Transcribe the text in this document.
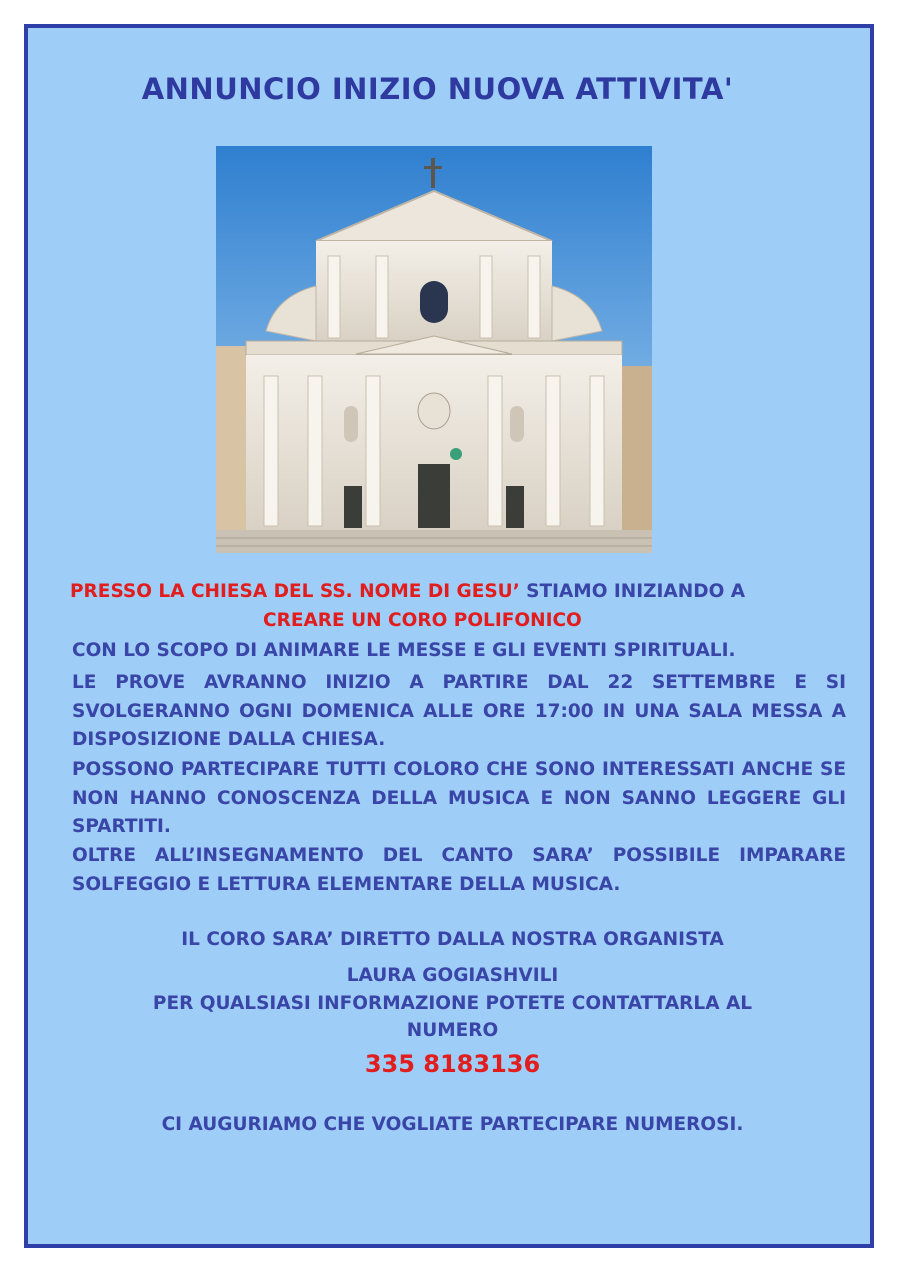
ANNUNCIO INIZIO NUOVA ATTIVITA'
PRESSO LA CHIESA DEL SS. NOME DI GESU’ STIAMO INIZIANDO A
CREARE UN CORO POLIFONICO
CON LO SCOPO DI ANIMARE LE MESSE E GLI EVENTI SPIRITUALI.
LE PROVE AVRANNO INIZIO A PARTIRE DAL 22 SETTEMBRE E SI SVOLGERANNO OGNI DOMENICA ALLE ORE 17:00 IN UNA SALA MESSA A DISPOSIZIONE DALLA CHIESA.
POSSONO PARTECIPARE TUTTI COLORO CHE SONO INTERESSATI ANCHE SE NON HANNO CONOSCENZA DELLA MUSICA E NON SANNO LEGGERE GLI SPARTITI.
OLTRE ALL’INSEGNAMENTO DEL CANTO SARA’ POSSIBILE IMPARARE SOLFEGGIO E LETTURA ELEMENTARE DELLA MUSICA.
IL CORO SARA’ DIRETTO DALLA NOSTRA ORGANISTA
LAURA GOGIASHVILI
PER QUALSIASI INFORMAZIONE POTETE CONTATTARLA AL
NUMERO
335 8183136
CI AUGURIAMO CHE VOGLIATE PARTECIPARE NUMEROSI.
